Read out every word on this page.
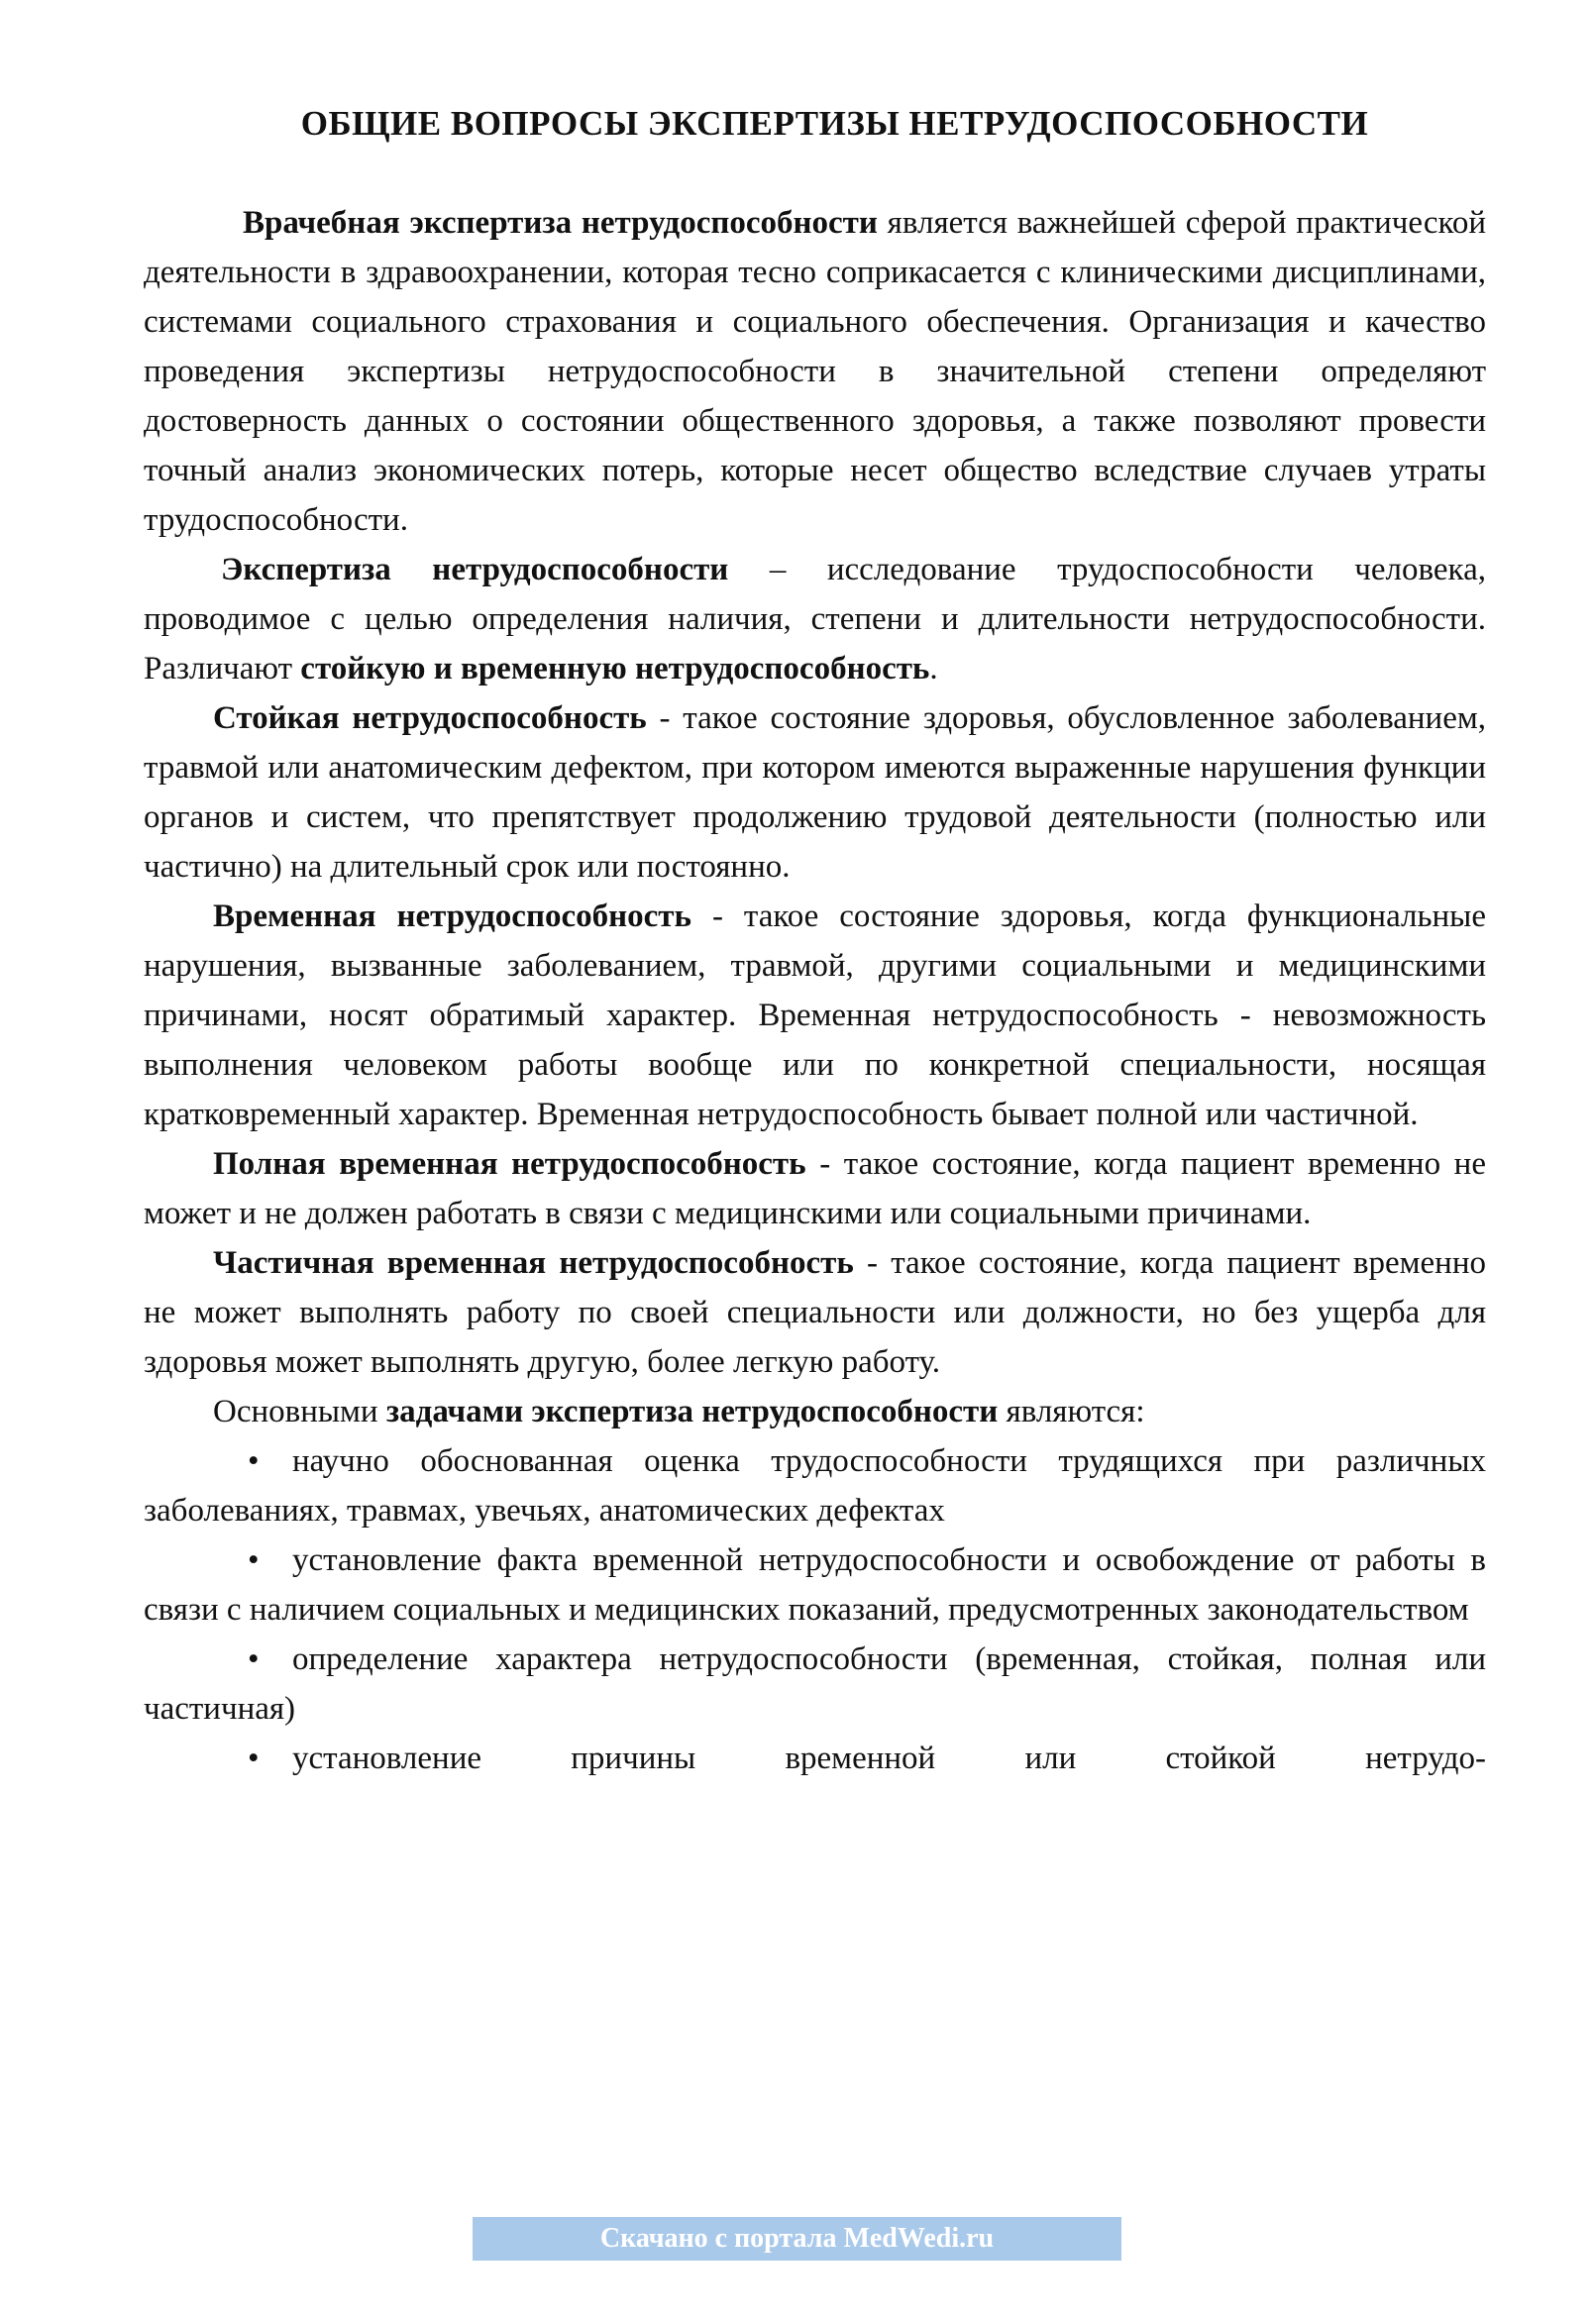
ОБЩИЕ ВОПРОСЫ ЭКСПЕРТИЗЫ НЕТРУДОСПОСОБНОСТИ

Врачебная экспертиза нетрудоспособности является важнейшей сферой практической деятельности в здравоохранении, которая тесно соприкасается с клиническими дисциплинами, системами социального страхования и социального обеспечения. Организация и качество проведения экспертизы нетрудоспособности в значительной степени определяют достоверность данных о состоянии общественного здоровья, а также позволяют провести точный анализ экономических потерь, которые несет общество вследствие случаев утраты трудоспособности.

Экспертиза нетрудоспособности – исследование трудоспособности человека, проводимое с целью определения наличия, степени и длительности нетрудоспособности. Различают стойкую и временную нетрудоспособность.

Стойкая нетрудоспособность - такое состояние здоровья, обусловленное заболеванием, травмой или анатомическим дефектом, при котором имеются выраженные нарушения функции органов и систем, что препятствует продолжению трудовой деятельности (полностью или частично) на длительный срок или постоянно.

Временная нетрудоспособность - такое состояние здоровья, когда функциональные нарушения, вызванные заболеванием, травмой, другими социальными и медицинскими причинами, носят обратимый характер. Временная нетрудоспособность - невозможность выполнения человеком работы вообще или по конкретной специальности, носящая кратковременный характер. Временная нетрудоспособность бывает полной или частичной.

Полная временная нетрудоспособность - такое состояние, когда пациент временно не может и не должен работать в связи с медицинскими или социальными причинами.

Частичная временная нетрудоспособность - такое состояние, когда пациент временно не может выполнять работу по своей специальности или должности, но без ущерба для здоровья может выполнять другую, более легкую работу.

Основными задачами экспертиза нетрудоспособности являются:

• научно обоснованная оценка трудоспособности трудящихся при различных заболеваниях, травмах, увечьях, анатомических дефектах

• установление факта временной нетрудоспособности и освобождение от работы в связи с наличием социальных и медицинских показаний, предусмотренных законодательством

• определение характера нетрудоспособности (временная, стойкая, полная или частичная)

• установление причины временной или стойкой нетрудо-

Скачано с портала MedWedi.ru
